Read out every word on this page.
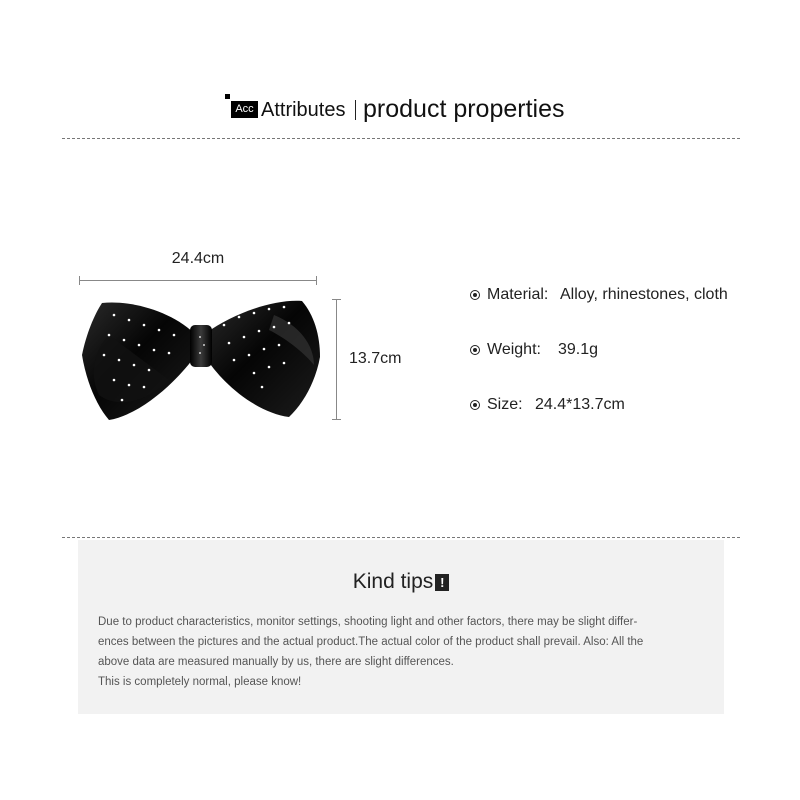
Acc Attributes product properties
24.4cm
13.7cm
Material: Alloy, rhinestones, cloth
Weight: 39.1g
Size: 24.4*13.7cm
Kind tips !
Due to product characteristics, monitor settings, shooting light and other factors, there may be slight differ-
ences between the pictures and the actual product.The actual color of the product shall prevail. Also: All the
above data are measured manually by us, there are slight differences.
This is completely normal, please know!
